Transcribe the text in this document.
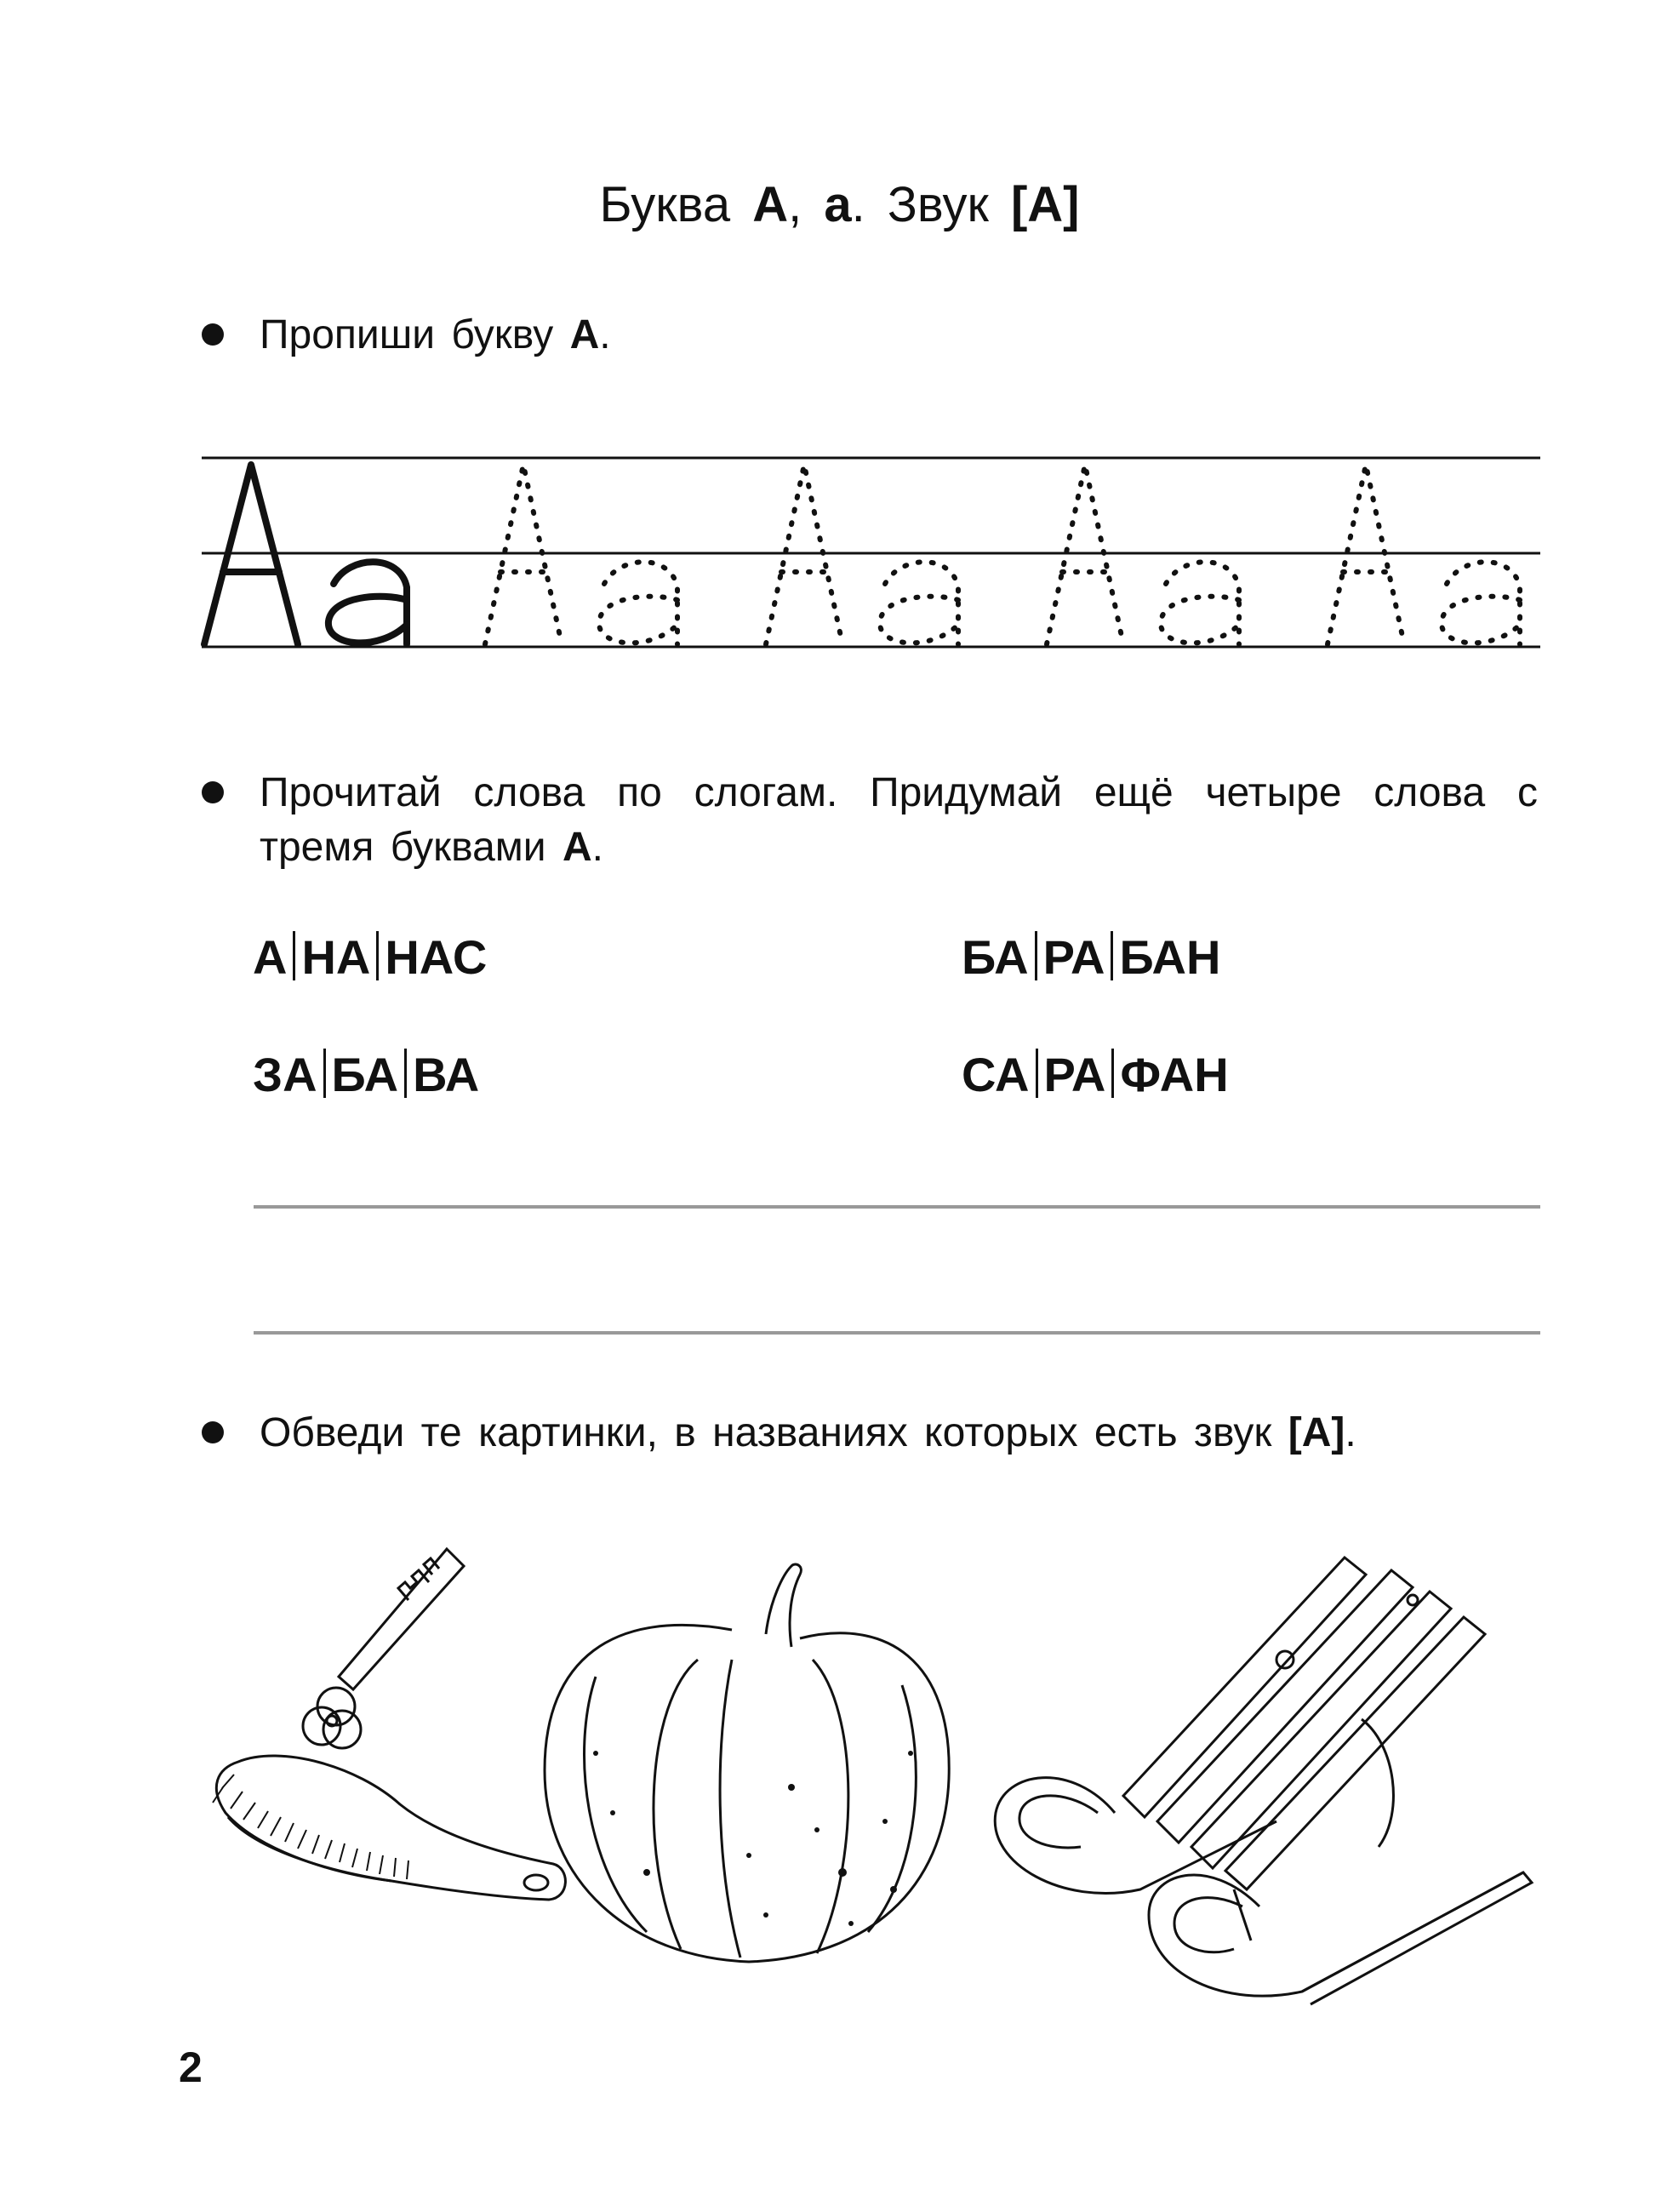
Буква А, а. Звук [А]
Пропиши букву А.
Прочитай слова по слогам. Придумай ещё четыре слова с тремя буквами А.
А НА НАС	БА РА БАН
ЗА БА ВА	СА РА ФАН
Обведи те картинки, в названиях которых есть звук [А].
2
